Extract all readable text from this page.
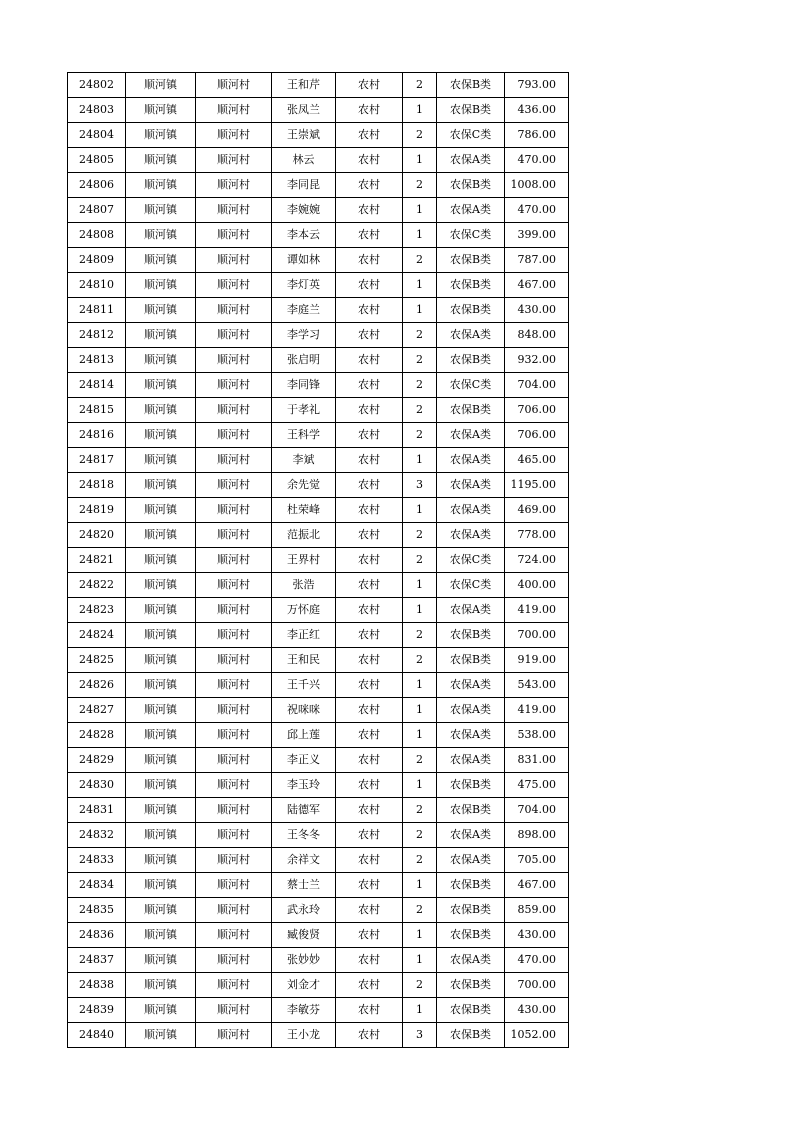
24802	顺河镇	顺河村	王和芹	农村	2	农保B类	793.00
24803	顺河镇	顺河村	张凤兰	农村	1	农保B类	436.00
24804	顺河镇	顺河村	王崇斌	农村	2	农保C类	786.00
24805	顺河镇	顺河村	林云	农村	1	农保A类	470.00
24806	顺河镇	顺河村	李同昆	农村	2	农保B类	1008.00
24807	顺河镇	顺河村	李婉婉	农村	1	农保A类	470.00
24808	顺河镇	顺河村	李本云	农村	1	农保C类	399.00
24809	顺河镇	顺河村	谭如林	农村	2	农保B类	787.00
24810	顺河镇	顺河村	李灯英	农村	1	农保B类	467.00
24811	顺河镇	顺河村	李庭兰	农村	1	农保B类	430.00
24812	顺河镇	顺河村	李学习	农村	2	农保A类	848.00
24813	顺河镇	顺河村	张启明	农村	2	农保B类	932.00
24814	顺河镇	顺河村	李同锋	农村	2	农保C类	704.00
24815	顺河镇	顺河村	于孝礼	农村	2	农保B类	706.00
24816	顺河镇	顺河村	王科学	农村	2	农保A类	706.00
24817	顺河镇	顺河村	李斌	农村	1	农保A类	465.00
24818	顺河镇	顺河村	余先觉	农村	3	农保A类	1195.00
24819	顺河镇	顺河村	杜荣峰	农村	1	农保A类	469.00
24820	顺河镇	顺河村	范振北	农村	2	农保A类	778.00
24821	顺河镇	顺河村	王界村	农村	2	农保C类	724.00
24822	顺河镇	顺河村	张浩	农村	1	农保C类	400.00
24823	顺河镇	顺河村	万怀庭	农村	1	农保A类	419.00
24824	顺河镇	顺河村	李正红	农村	2	农保B类	700.00
24825	顺河镇	顺河村	王和民	农村	2	农保B类	919.00
24826	顺河镇	顺河村	王千兴	农村	1	农保A类	543.00
24827	顺河镇	顺河村	祝咪咪	农村	1	农保A类	419.00
24828	顺河镇	顺河村	邱上莲	农村	1	农保A类	538.00
24829	顺河镇	顺河村	李正义	农村	2	农保A类	831.00
24830	顺河镇	顺河村	李玉玲	农村	1	农保B类	475.00
24831	顺河镇	顺河村	陆德军	农村	2	农保B类	704.00
24832	顺河镇	顺河村	王冬冬	农村	2	农保A类	898.00
24833	顺河镇	顺河村	余祥文	农村	2	农保A类	705.00
24834	顺河镇	顺河村	蔡士兰	农村	1	农保B类	467.00
24835	顺河镇	顺河村	武永玲	农村	2	农保B类	859.00
24836	顺河镇	顺河村	臧俊贤	农村	1	农保B类	430.00
24837	顺河镇	顺河村	张妙妙	农村	1	农保A类	470.00
24838	顺河镇	顺河村	刘金才	农村	2	农保B类	700.00
24839	顺河镇	顺河村	李敏芬	农村	1	农保B类	430.00
24840	顺河镇	顺河村	王小龙	农村	3	农保B类	1052.00
